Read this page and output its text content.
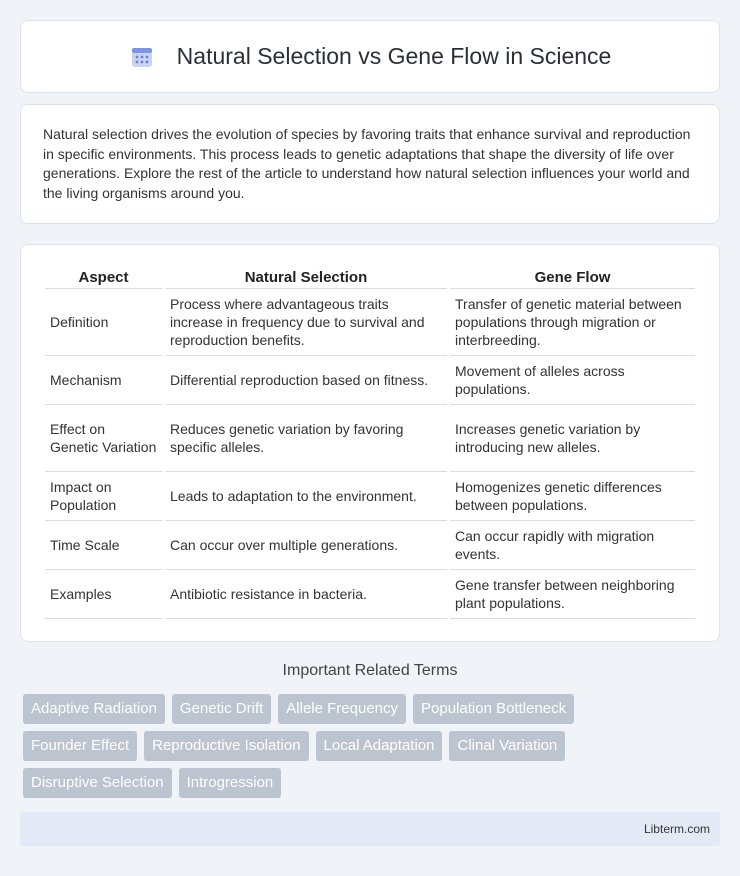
Natural Selection vs Gene Flow in Science

Natural selection drives the evolution of species by favoring traits that enhance survival and reproduction in specific environments. This process leads to genetic adaptations that shape the diversity of life over generations. Explore the rest of the article to understand how natural selection influences your world and the living organisms around you.

Aspect	Natural Selection	Gene Flow
Definition	Process where advantageous traits increase in frequency due to survival and reproduction benefits.	Transfer of genetic material between populations through migration or interbreeding.
Mechanism	Differential reproduction based on fitness.	Movement of alleles across populations.
Effect on Genetic Variation	Reduces genetic variation by favoring specific alleles.	Increases genetic variation by introducing new alleles.
Impact on Population	Leads to adaptation to the environment.	Homogenizes genetic differences between populations.
Time Scale	Can occur over multiple generations.	Can occur rapidly with migration events.
Examples	Antibiotic resistance in bacteria.	Gene transfer between neighboring plant populations.
Important Related Terms
Adaptive Radiation	Genetic Drift	Allele Frequency	Population Bottleneck
Founder Effect	Reproductive Isolation	Local Adaptation	Clinal Variation
Disruptive Selection	Introgression
Libterm.com
